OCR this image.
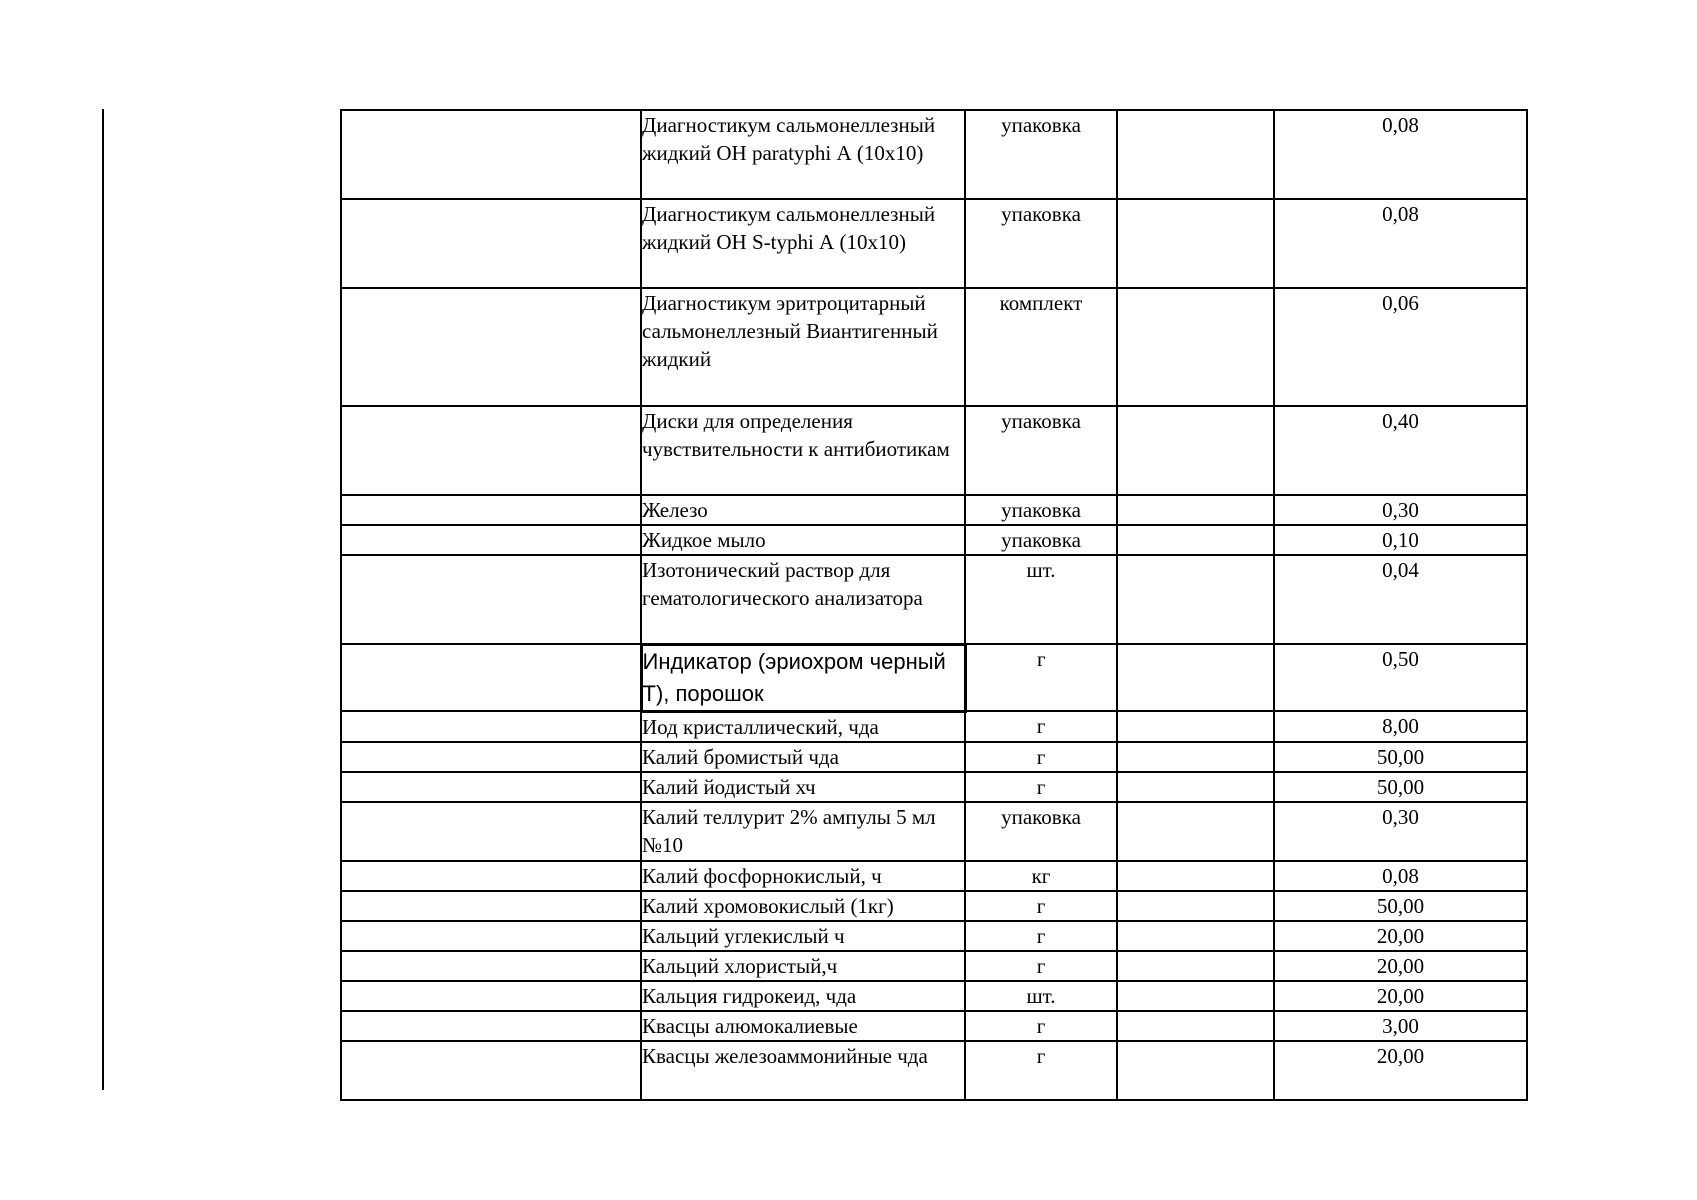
	Диагностикум сальмонеллезный жидкий ОН paratyphi А (10х10)	упаковка		0,08
	Диагностикум сальмонеллезный жидкий ОН S-typhi А (10х10)	упаковка		0,08
	Диагностикум эритроцитарный сальмонеллезный Виантигенный жидкий	комплект		0,06
	Диски для определения чувствительности к антибиотикам	упаковка		0,40
	Железо	упаковка		0,30
	Жидкое мыло	упаковка		0,10
	Изотонический раствор для гематологического анализатора	шт.		0,04
	Индикатор (эриохром черный Т), порошок	г		0,50
	Иод кристаллический, чда	г		8,00
	Калий бромистый чда	г		50,00
	Калий йодистый хч	г		50,00
	Калий теллурит 2% ампулы 5 мл №10	упаковка		0,30
	Калий фосфорнокислый, ч	кг		0,08
	Калий хромовокислый (1кг)	г		50,00
	Кальций углекислый ч	г		20,00
	Кальций хлористый,ч	г		20,00
	Кальция гидрокеид, чда	шт.		20,00
	Квасцы алюмокалиевые	г		3,00
	Квасцы железоаммонийные чда	г		20,00
